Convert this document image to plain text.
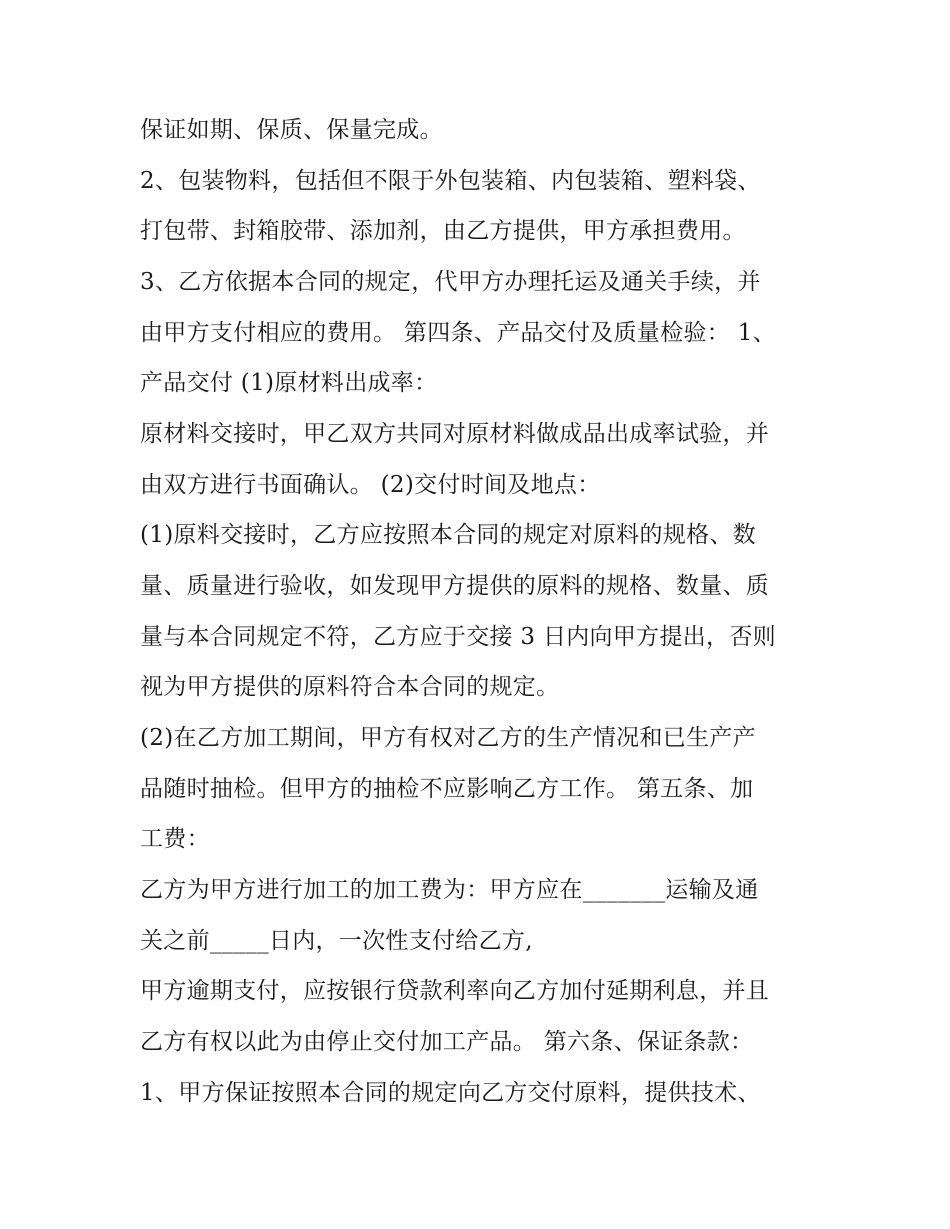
保证如期、保质、保量完成。
2、包装物料，包括但不限于外包装箱、内包装箱、塑料袋、
打包带、封箱胶带、添加剂，由乙方提供，甲方承担费用。
3、乙方依据本合同的规定，代甲方办理托运及通关手续，并
由甲方支付相应的费用。 第四条、产品交付及质量检验： 1、
产品交付 (1)原材料出成率：
原材料交接时，甲乙双方共同对原材料做成品出成率试验，并
由双方进行书面确认。 (2)交付时间及地点：
(1)原料交接时，乙方应按照本合同的规定对原料的规格、数
量、质量进行验收，如发现甲方提供的原料的规格、数量、质
量与本合同规定不符，乙方应于交接 3 日内向甲方提出，否则
视为甲方提供的原料符合本合同的规定。
(2)在乙方加工期间，甲方有权对乙方的生产情况和已生产产
品随时抽检。但甲方的抽检不应影响乙方工作。 第五条、加
工费：
乙方为甲方进行加工的加工费为：甲方应在_______运输及通
关之前_____日内，一次性支付给乙方,
甲方逾期支付，应按银行贷款利率向乙方加付延期利息，并且
乙方有权以此为由停止交付加工产品。 第六条、保证条款：
1、甲方保证按照本合同的规定向乙方交付原料，提供技术、
